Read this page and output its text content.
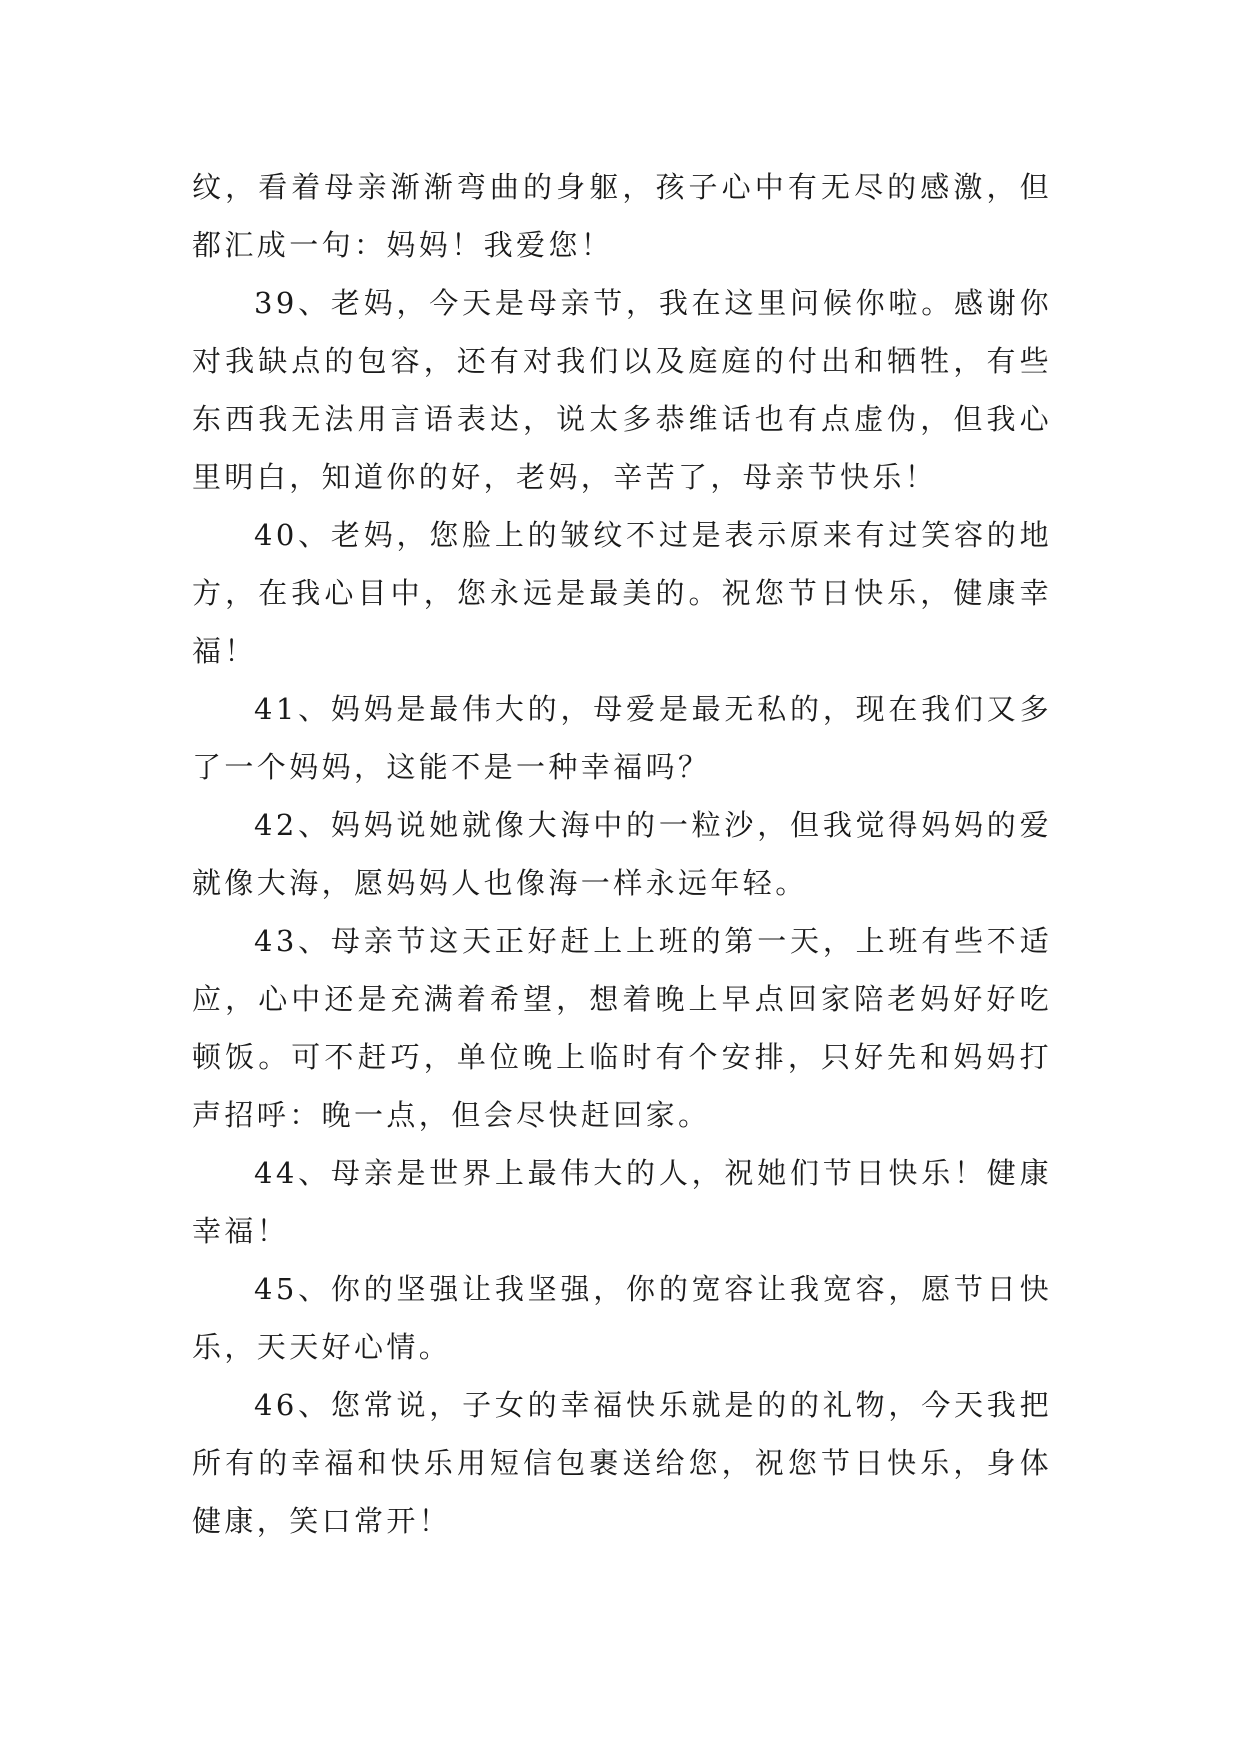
纹，看着母亲渐渐弯曲的身躯，孩子心中有无尽的感激，但都汇成一句：妈妈！我爱您！

39、老妈，今天是母亲节，我在这里问候你啦。感谢你对我缺点的包容，还有对我们以及庭庭的付出和牺牲，有些东西我无法用言语表达，说太多恭维话也有点虚伪，但我心里明白，知道你的好，老妈，辛苦了，母亲节快乐！

40、老妈，您脸上的皱纹不过是表示原来有过笑容的地方，在我心目中，您永远是最美的。祝您节日快乐，健康幸福！

41、妈妈是最伟大的，母爱是最无私的，现在我们又多了一个妈妈，这能不是一种幸福吗？

42、妈妈说她就像大海中的一粒沙，但我觉得妈妈的爱就像大海，愿妈妈人也像海一样永远年轻。

43、母亲节这天正好赶上上班的第一天，上班有些不适应，心中还是充满着希望，想着晚上早点回家陪老妈好好吃顿饭。可不赶巧，单位晚上临时有个安排，只好先和妈妈打声招呼：晚一点，但会尽快赶回家。

44、母亲是世界上最伟大的人，祝她们节日快乐！健康幸福！

45、你的坚强让我坚强，你的宽容让我宽容，愿节日快乐，天天好心情。

46、您常说，子女的幸福快乐就是的的礼物，今天我把所有的幸福和快乐用短信包裹送给您，祝您节日快乐，身体健康，笑口常开！
